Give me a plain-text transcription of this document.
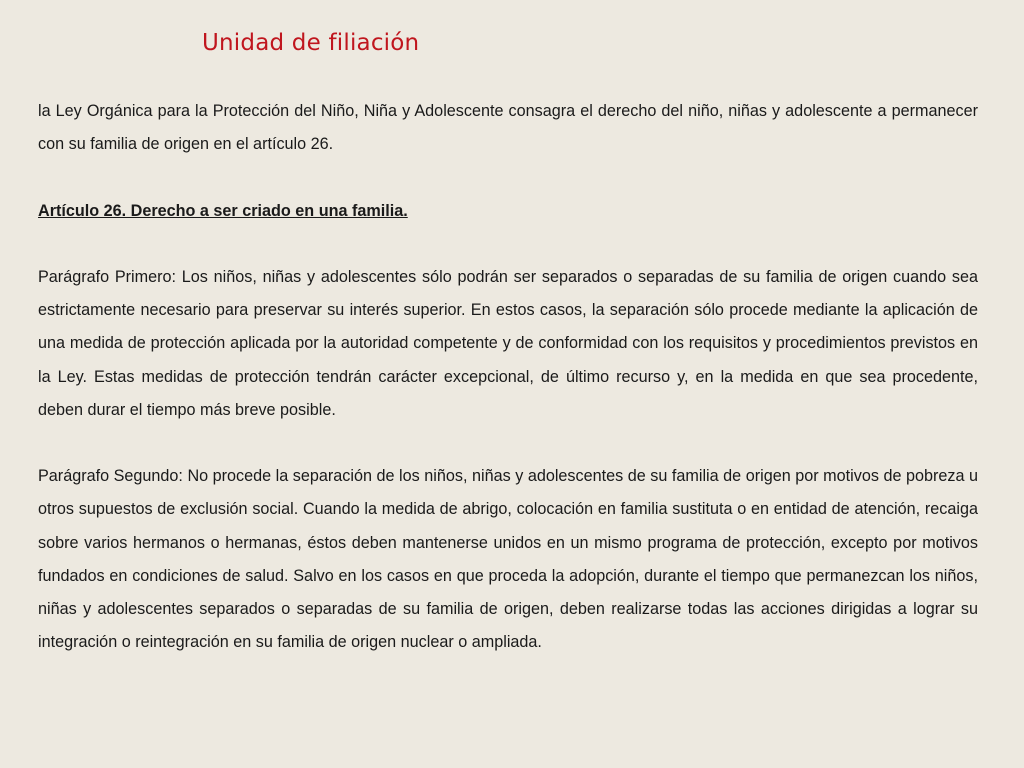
Unidad de filiación

la Ley Orgánica para la Protección del Niño, Niña y Adolescente consagra el derecho del niño, niñas y adolescente a permanecer con su familia de origen en el artículo 26.

Artículo 26. Derecho a ser criado en una familia.

Parágrafo Primero: Los niños, niñas y adolescentes sólo podrán ser separados o separadas de su familia de origen cuando sea estrictamente necesario para preservar su interés superior. En estos casos, la separación sólo procede mediante la aplicación de una medida de protección aplicada por la autoridad competente y de conformidad con los requisitos y procedimientos previstos en la Ley. Estas medidas de protección tendrán carácter excepcional, de último recurso y, en la medida en que sea procedente, deben durar el tiempo más breve posible.

Parágrafo Segundo: No procede la separación de los niños, niñas y adolescentes de su familia de origen por motivos de pobreza u otros supuestos de exclusión social. Cuando la medida de abrigo, colocación en familia sustituta o en entidad de atención, recaiga sobre varios hermanos o hermanas, éstos deben mantenerse unidos en un mismo programa de protección, excepto por motivos fundados en condiciones de salud. Salvo en los casos en que proceda la adopción, durante el tiempo que permanezcan los niños, niñas y adolescentes separados o separadas de su familia de origen, deben realizarse todas las acciones dirigidas a lograr su integración o reintegración en su familia de origen nuclear o ampliada.
